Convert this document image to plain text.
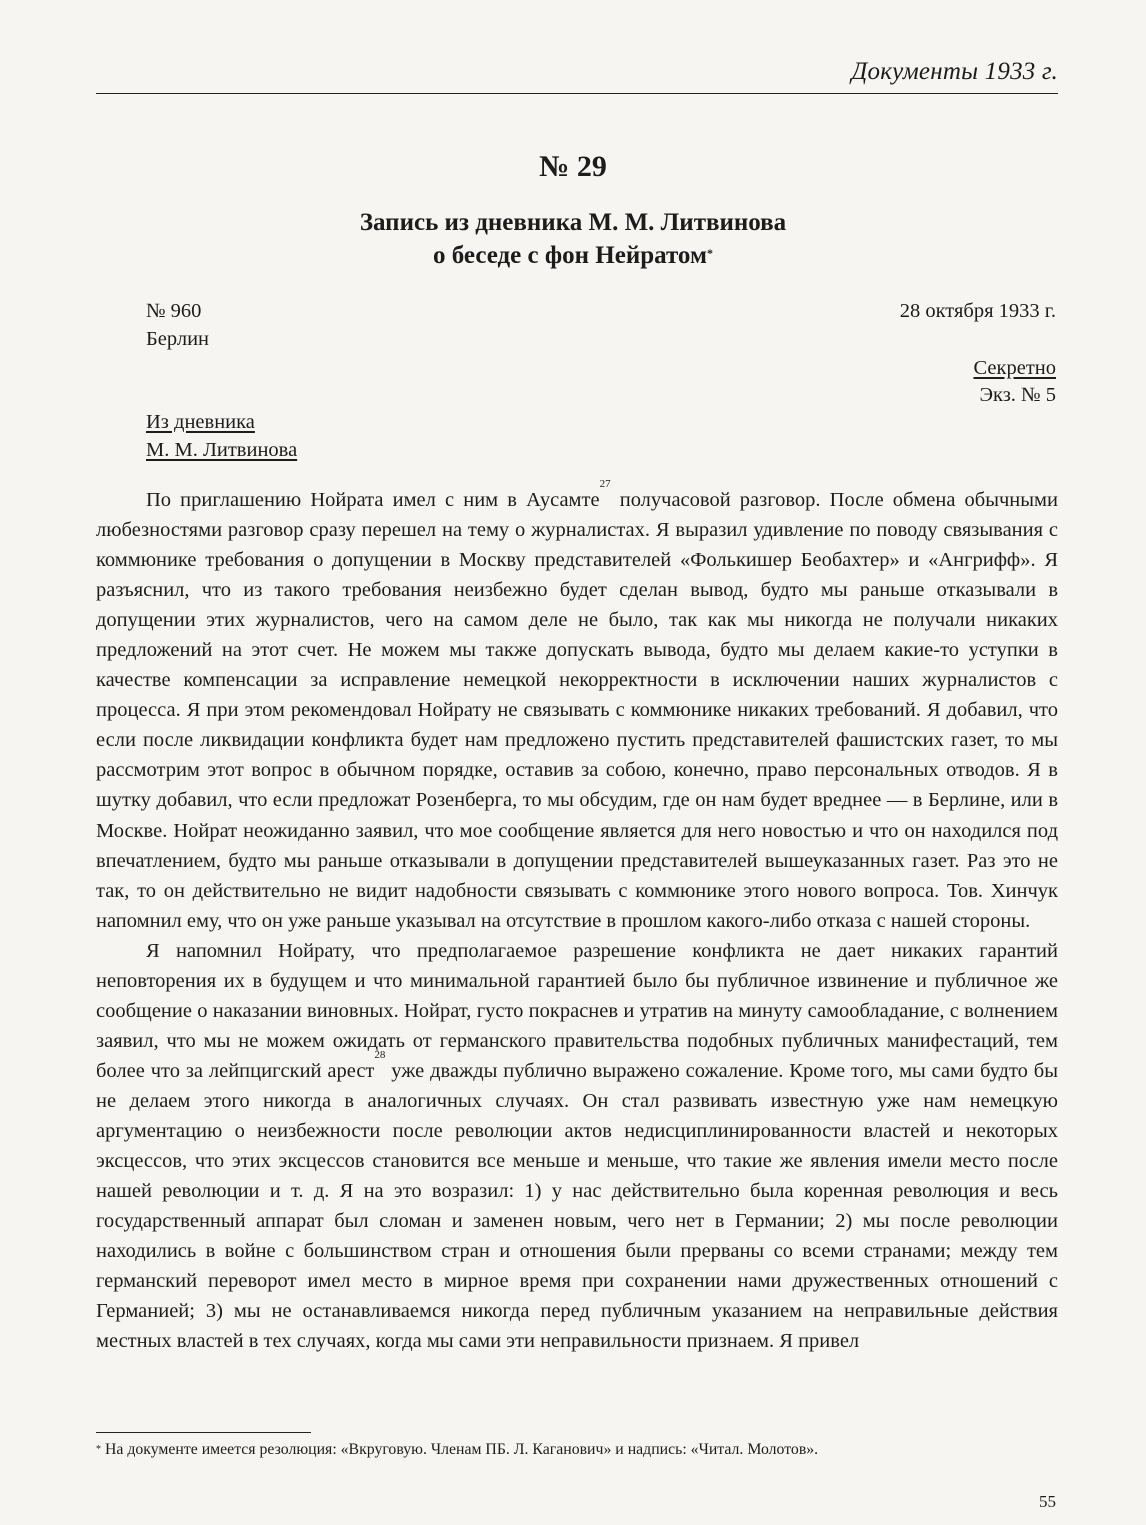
Документы 1933 г.
№ 29
Запись из дневника М. М. Литвинова
о беседе с фон Нейратом*
№ 960
Берлин
28 октября 1933 г.
Секретно
Экз. № 5
Из дневника
М. М. Литвинова

По приглашению Нойрата имел с ним в Аусамте$^{27}$ получасовой разговор. После обмена обычными любезностями разговор сразу перешел на тему о журналистах. Я выразил удивление по поводу связывания с коммюнике требования о допущении в Москву представителей «Фолькишер Беобахтер» и «Ангрифф». Я разъяснил, что из такого требования неизбежно будет сделан вывод, будто мы раньше отказывали в допущении этих журналистов, чего на самом деле не было, так как мы никогда не получали никаких предложений на этот счет. Не можем мы также допускать вывода, будто мы делаем какие-то уступки в качестве компенсации за исправление немецкой некорректности в исключении наших журналистов с процесса. Я при этом рекомендовал Нойрату не связывать с коммюнике никаких требований. Я добавил, что если после ликвидации конфликта будет нам предложено пустить представителей фашистских газет, то мы рассмотрим этот вопрос в обычном порядке, оставив за собою, конечно, право персональных отводов. Я в шутку добавил, что если предложат Розенберга, то мы обсудим, где он нам будет вреднее — в Берлине, или в Москве. Нойрат неожиданно заявил, что мое сообщение является для него новостью и что он находился под впечатлением, будто мы раньше отказывали в допущении представителей вышеуказанных газет. Раз это не так, то он действительно не видит надобности связывать с коммюнике этого нового вопроса. Тов. Хинчук напомнил ему, что он уже раньше указывал на отсутствие в прошлом какого-либо отказа с нашей стороны.

Я напомнил Нойрату, что предполагаемое разрешение конфликта не дает никаких гарантий неповторения их в будущем и что минимальной гарантией было бы публичное извинение и публичное же сообщение о наказании виновных. Нойрат, густо покраснев и утратив на минуту самообладание, с волнением заявил, что мы не можем ожидать от германского правительства подобных публичных манифестаций, тем более что за лейпцигский арест$^{28}$ уже дважды публично выражено сожаление. Кроме того, мы сами будто бы не делаем этого никогда в аналогичных случаях. Он стал развивать известную уже нам немецкую аргументацию о неизбежности после революции актов недисциплинированности властей и некоторых эксцессов, что этих эксцессов становится все меньше и меньше, что такие же явления имели место после нашей революции и т. д. Я на это возразил: 1) у нас действительно была коренная революция и весь государственный аппарат был сломан и заменен новым, чего нет в Германии; 2) мы после революции находились в войне с большинством стран и отношения были прерваны со всеми странами; между тем германский переворот имел место в мирное время при сохранении нами дружественных отношений с Германией; 3) мы не останавливаемся никогда перед публичным указанием на неправильные действия местных властей в тех случаях, когда мы сами эти неправильности признаем. Я привел

* На документе имеется резолюция: «Вкруговую. Членам ПБ. Л. Каганович» и надпись: «Читал. Молотов».
55
